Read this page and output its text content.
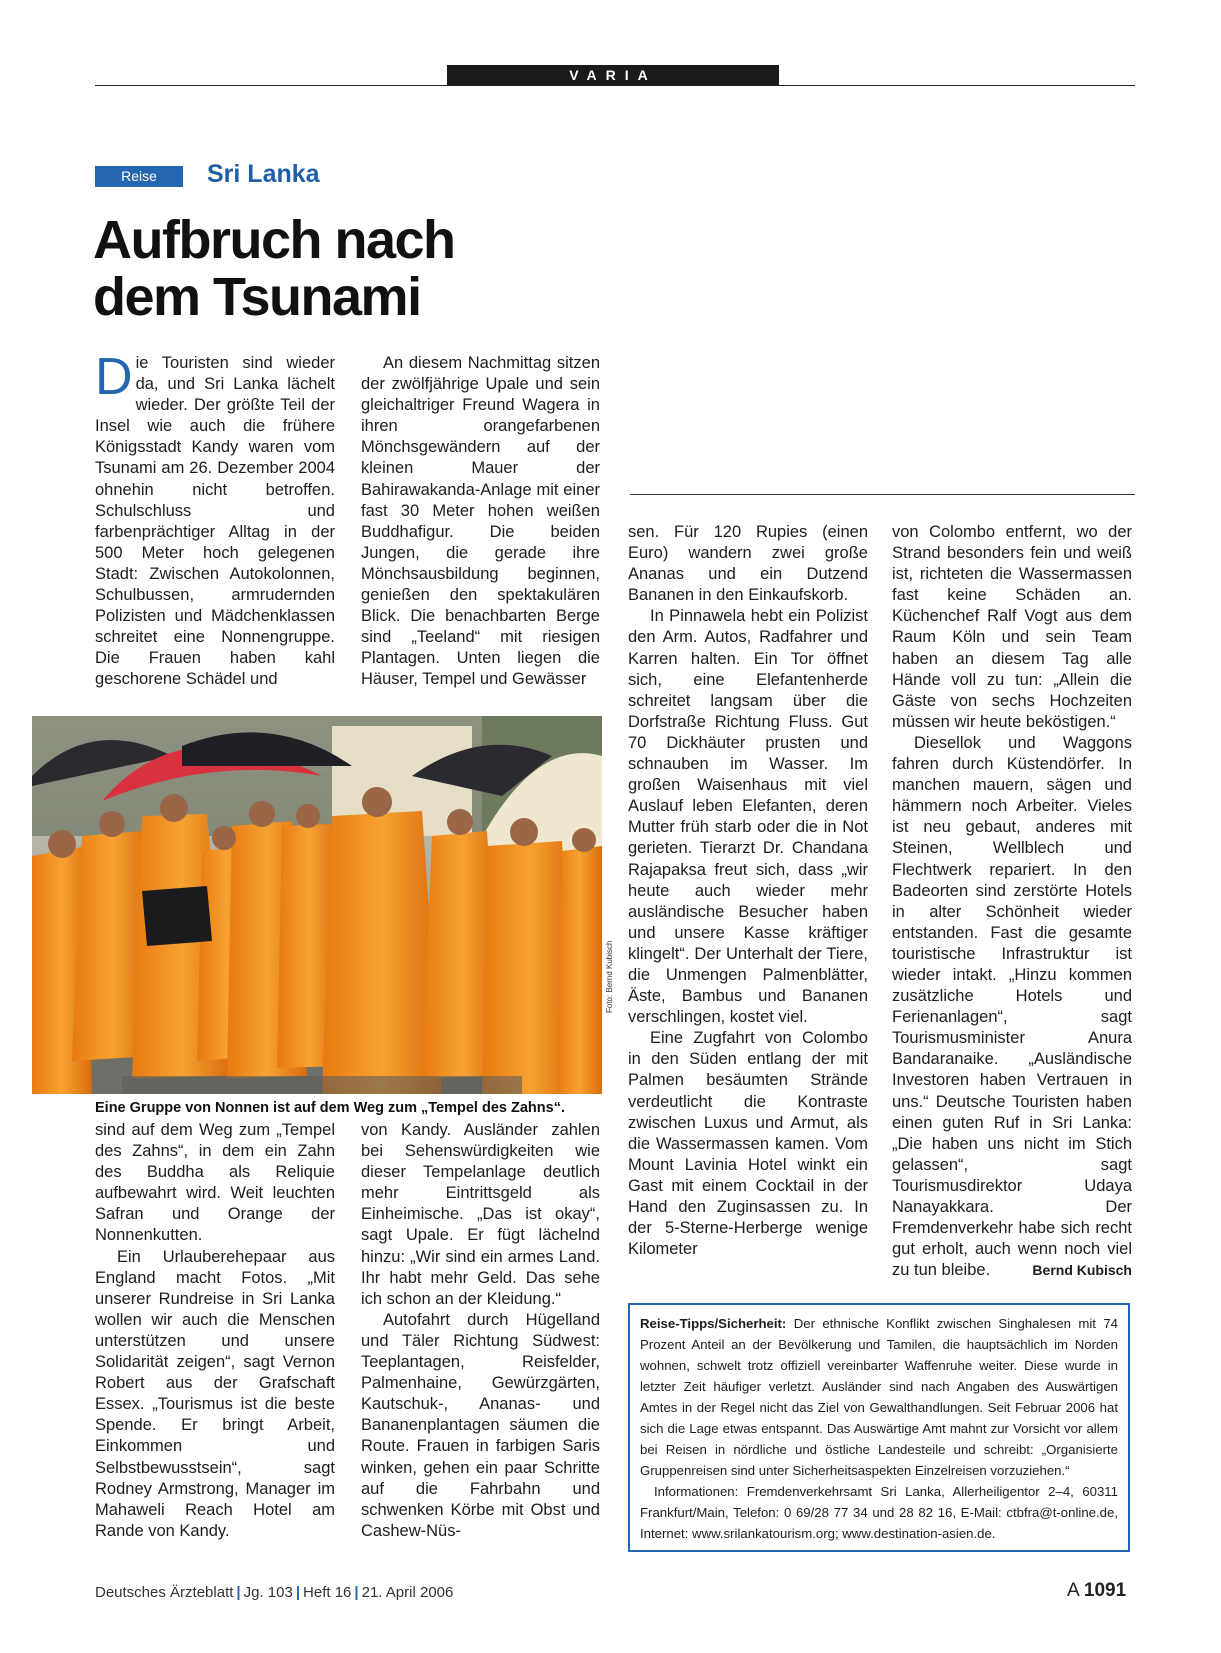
VARIA
Reise	Sri Lanka
Aufbruch nach
dem Tsunami

Die Touristen sind wieder da, und Sri Lanka lächelt wieder. Der größte Teil der Insel wie auch die frühere Königsstadt Kandy waren vom Tsunami am 26. Dezember 2004 ohnehin nicht betroffen. Schulschluss und farbenprächtiger Alltag in der 500 Meter hoch gelegenen Stadt: Zwischen Autokolonnen, Schulbussen, armrudernden Polizisten und Mädchenklassen schreitet eine Nonnengruppe. Die Frauen haben kahl geschorene Schädel und

An diesem Nachmittag sitzen der zwölfjährige Upale und sein gleichaltriger Freund Wagera in ihren orangefarbenen Mönchsgewändern auf der kleinen Mauer der Bahirawakanda-Anlage mit einer fast 30 Meter hohen weißen Buddhafigur. Die beiden Jungen, die gerade ihre Mönchsausbildung beginnen, genießen den spektakulären Blick. Die benachbarten Berge sind „Teeland“ mit riesigen Plantagen. Unten liegen die Häuser, Tempel und Gewässer

Foto: Bernd Kubisch
Eine Gruppe von Nonnen ist auf dem Weg zum „Tempel des Zahns“.

sind auf dem Weg zum „Tempel des Zahns“, in dem ein Zahn des Buddha als Reliquie aufbewahrt wird. Weit leuchten Safran und Orange der Nonnenkutten.

Ein Urlauberehepaar aus England macht Fotos. „Mit unserer Rundreise in Sri Lanka wollen wir auch die Menschen unterstützen und unsere Solidarität zeigen“, sagt Vernon Robert aus der Grafschaft Essex. „Tourismus ist die beste Spende. Er bringt Arbeit, Einkommen und Selbstbewusstsein“, sagt Rodney Armstrong, Manager im Mahaweli Reach Hotel am Rande von Kandy.

von Kandy. Ausländer zahlen bei Sehenswürdigkeiten wie dieser Tempelanlage deutlich mehr Eintrittsgeld als Einheimische. „Das ist okay“, sagt Upale. Er fügt lächelnd hinzu: „Wir sind ein armes Land. Ihr habt mehr Geld. Das sehe ich schon an der Kleidung.“

Autofahrt durch Hügelland und Täler Richtung Südwest: Teeplantagen, Reisfelder, Palmenhaine, Gewürzgärten, Kautschuk-, Ananas- und Bananenplantagen säumen die Route. Frauen in farbigen Saris winken, gehen ein paar Schritte auf die Fahrbahn und schwenken Körbe mit Obst und Cashew-Nüs-

sen. Für 120 Rupies (einen Euro) wandern zwei große Ananas und ein Dutzend Bananen in den Einkaufskorb.

In Pinnawela hebt ein Polizist den Arm. Autos, Radfahrer und Karren halten. Ein Tor öffnet sich, eine Elefantenherde schreitet langsam über die Dorfstraße Richtung Fluss. Gut 70 Dickhäuter prusten und schnauben im Wasser. Im großen Waisenhaus mit viel Auslauf leben Elefanten, deren Mutter früh starb oder die in Not gerieten. Tierarzt Dr. Chandana Rajapaksa freut sich, dass „wir heute auch wieder mehr ausländische Besucher haben und unsere Kasse kräftiger klingelt“. Der Unterhalt der Tiere, die Unmengen Palmenblätter, Äste, Bambus und Bananen verschlingen, kostet viel.

Eine Zugfahrt von Colombo in den Süden entlang der mit Palmen besäumten Strände verdeutlicht die Kontraste zwischen Luxus und Armut, als die Wassermassen kamen. Vom Mount Lavinia Hotel winkt ein Gast mit einem Cocktail in der Hand den Zuginsassen zu. In der 5-Sterne-Herberge wenige Kilometer

von Colombo entfernt, wo der Strand besonders fein und weiß ist, richteten die Wassermassen fast keine Schäden an. Küchenchef Ralf Vogt aus dem Raum Köln und sein Team haben an diesem Tag alle Hände voll zu tun: „Allein die Gäste von sechs Hochzeiten müssen wir heute beköstigen.“

Diesellok und Waggons fahren durch Küstendörfer. In manchen mauern, sägen und hämmern noch Arbeiter. Vieles ist neu gebaut, anderes mit Steinen, Wellblech und Flechtwerk repariert. In den Badeorten sind zerstörte Hotels in alter Schönheit wieder entstanden. Fast die gesamte touristische Infrastruktur ist wieder intakt. „Hinzu kommen zusätzliche Hotels und Ferienanlagen“, sagt Tourismusminister Anura Bandaranaike. „Ausländische Investoren haben Vertrauen in uns.“ Deutsche Touristen haben einen guten Ruf in Sri Lanka: „Die haben uns nicht im Stich gelassen“, sagt Tourismusdirektor Udaya Nanayakkara. Der Fremdenverkehr habe sich recht gut erholt, auch wenn noch viel zu tun bleibe.	Bernd Kubisch

Reise-Tipps/Sicherheit: Der ethnische Konflikt zwischen Singhalesen mit 74 Prozent Anteil an der Bevölkerung und Tamilen, die hauptsächlich im Norden wohnen, schwelt trotz offiziell vereinbarter Waffenruhe weiter. Diese wurde in letzter Zeit häufiger verletzt. Ausländer sind nach Angaben des Auswärtigen Amtes in der Regel nicht das Ziel von Gewalthandlungen. Seit Februar 2006 hat sich die Lage etwas entspannt. Das Auswärtige Amt mahnt zur Vorsicht vor allem bei Reisen in nördliche und östliche Landesteile und schreibt: „Organisierte Gruppenreisen sind unter Sicherheitsaspekten Einzelreisen vorzuziehen.“

Informationen: Fremdenverkehrsamt Sri Lanka, Allerheiligentor 2–4, 60311 Frankfurt/Main, Telefon: 0 69/28 77 34 und 28 82 16, E-Mail: ctbfra@t-online.de, Internet: www.srilankatourism.org; www.destination-asien.de.

Deutsches Ärzteblatt | Jg. 103 | Heft 16 | 21. April 2006	A 1091
